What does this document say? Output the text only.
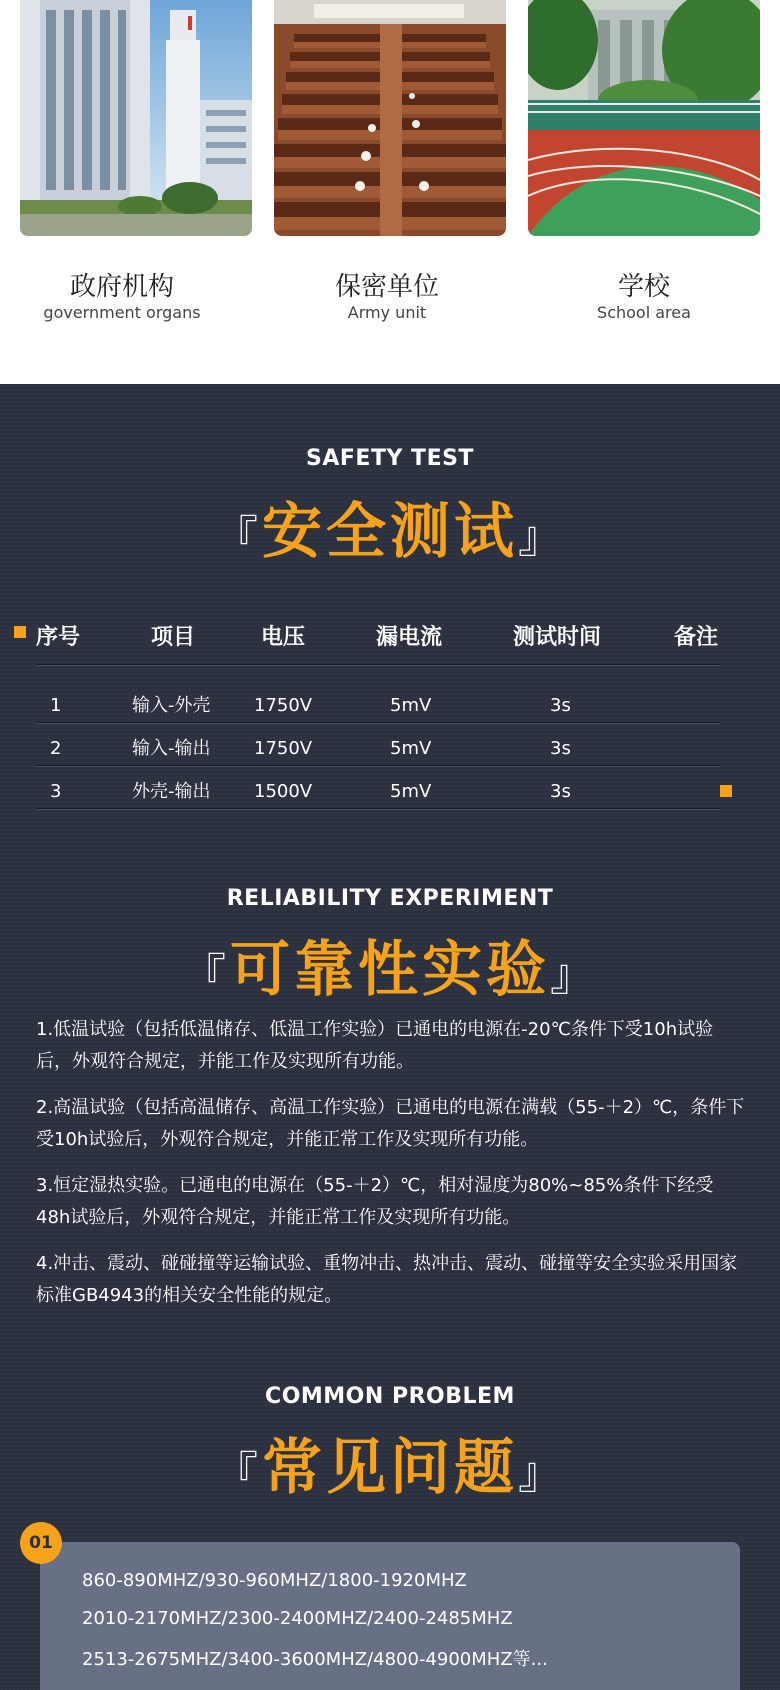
政府机构
government organs
保密单位
Army unit
学校
School area
SAFETY TEST
『安全测试』
序号	项目	电压	漏电流	测试时间	备注
1	输入-外壳 1750V	5mV	3s
2	输入-输出 1750V	5mV	3s
3	外壳-输出 1500V	5mV	3s
RELIABILITY EXPERIMENT
『可靠性实验』
1.低温试验（包括低温储存、低温工作实验）已通电的电源在-20℃条件下受10h试验后，外观符合规定，并能工作及实现所有功能。
2.高温试验（包括高温储存、高温工作实验）已通电的电源在满载（55-＋2）℃，条件下受10h试验后，外观符合规定，并能正常工作及实现所有功能。
3.恒定湿热实验。已通电的电源在（55-＋2）℃，相对湿度为80%~85%条件下经受48h试验后，外观符合规定，并能正常工作及实现所有功能。
4.冲击、震动、碰碰撞等运输试验、重物冲击、热冲击、震动、碰撞等安全实验采用国家标准GB4943的相关安全性能的规定。
COMMON PROBLEM
『常见问题』
01
860-890MHZ/930-960MHZ/1800-1920MHZ
2010-2170MHZ/2300-2400MHZ/2400-2485MHZ
2513-2675MHZ/3400-3600MHZ/4800-4900MHZ等...
